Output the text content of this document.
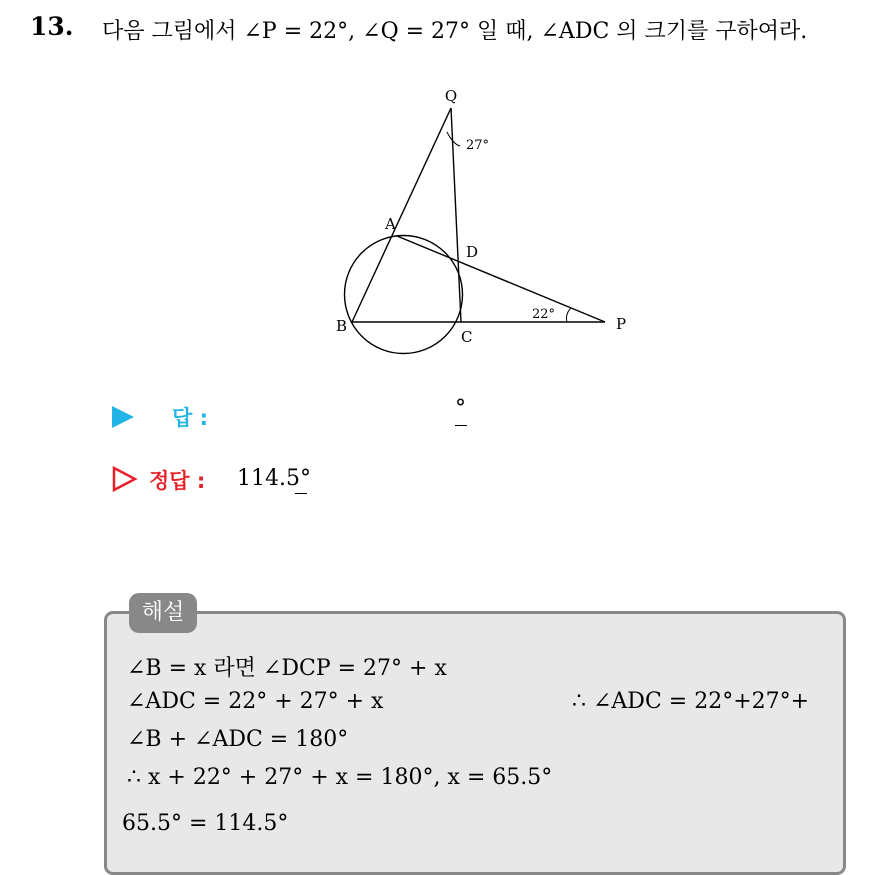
13. 다음 그림에서 ∠P = 22°, ∠Q = 27° 일 때, ∠ADC 의 크기를 구하여라.
Q
A
D
B
C
P
27°
22°
답 :	°
정답 : 114.5°
∠B = x 라면 ∠DCP = 27° + x
∠ADC = 22° + 27° + x	∴ ∠ADC = 22°+27°+
∠B + ∠ADC = 180°
∴ x + 22° + 27° + x = 180°, x = 65.5°
65.5° = 114.5°
해설
